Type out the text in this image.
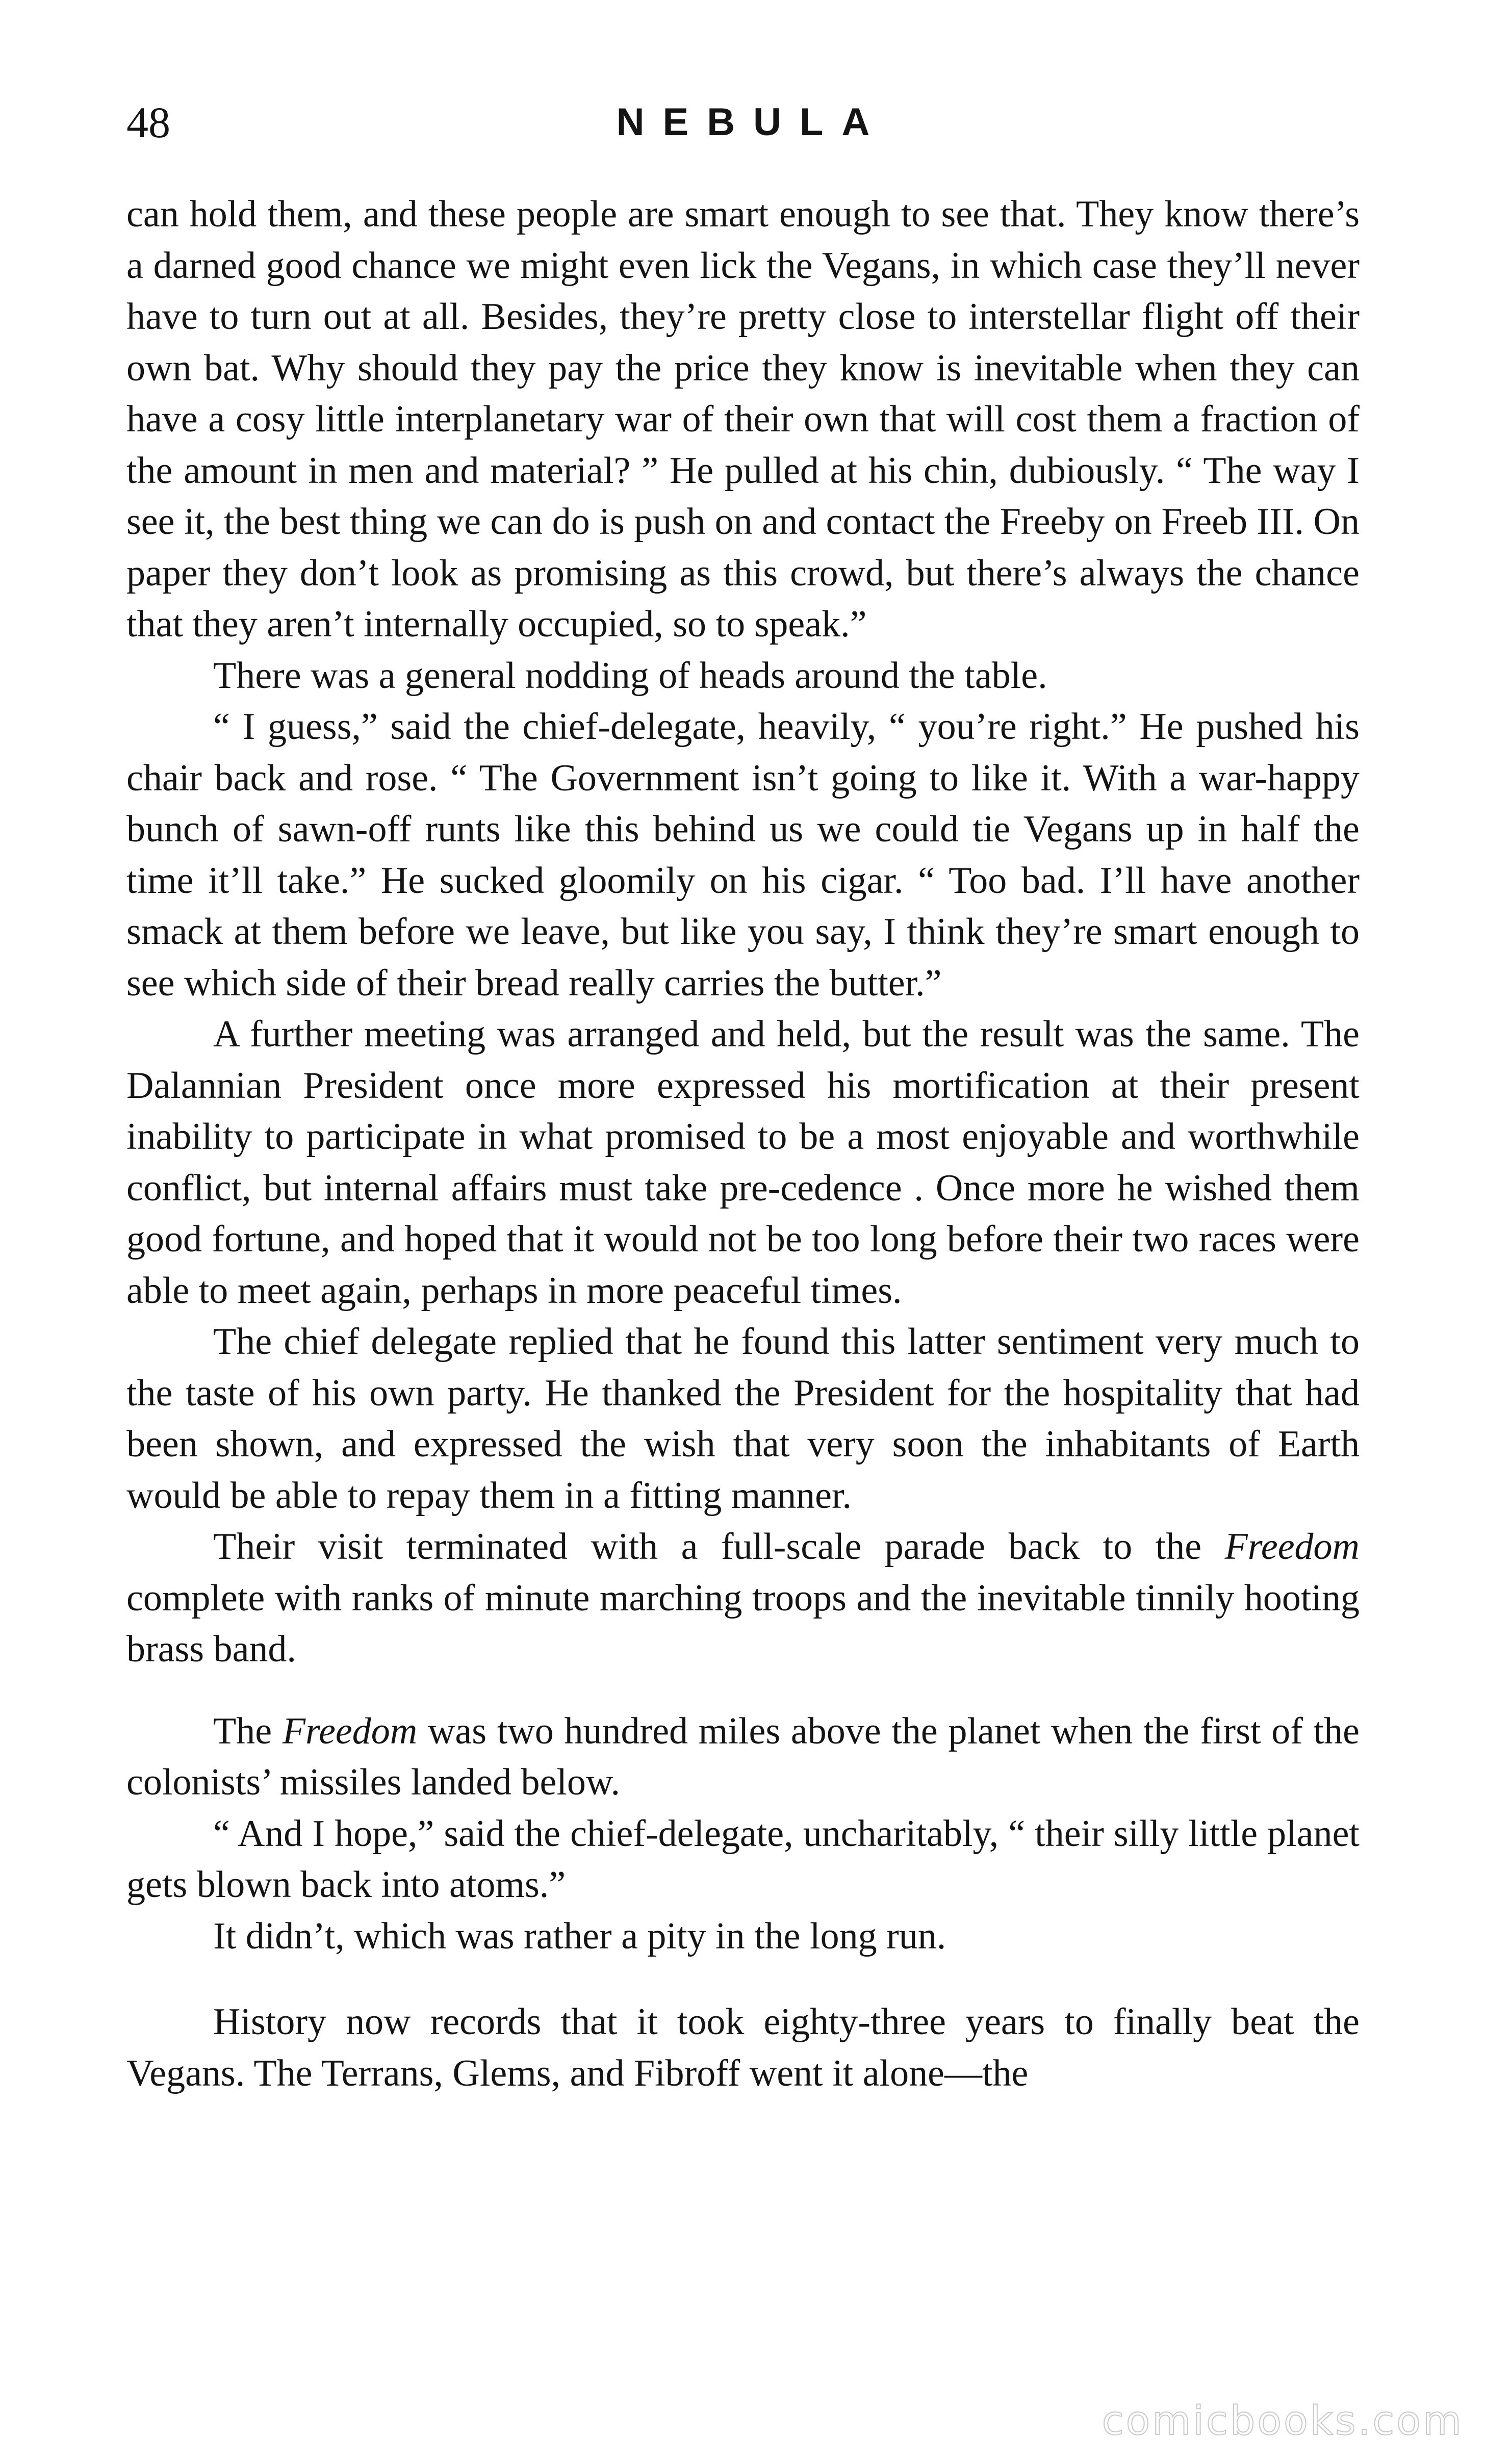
48	NEBULA

can hold them, and these people are smart enough to see that. They know there’s a darned good chance we might even lick the Vegans, in which case they’ll never have to turn out at all. Besides, they’re pretty close to interstellar flight off their own bat. Why should they pay the price they know is inevitable when they can have a cosy little interplanetary war of their own that will cost them a fraction of the amount in men and material? ” He pulled at his chin, dubiously. “ The way I see it, the best thing we can do is push on and contact the Freeby on Freeb III. On paper they don’t look as promising as this crowd, but there’s always the chance that they aren’t internally occupied, so to speak.”

There was a general nodding of heads around the table.

“ I guess,” said the chief-delegate, heavily, “ you’re right.” He pushed his chair back and rose. “ The Government isn’t going to like it. With a war-happy bunch of sawn-off runts like this behind us we could tie Vegans up in half the time it’ll take.” He sucked gloomily on his cigar. “ Too bad. I’ll have another smack at them before we leave, but like you say, I think they’re smart enough to see which side of their bread really carries the butter.”

A further meeting was arranged and held, but the result was the same. The Dalannian President once more expressed his mortification at their present inability to participate in what promised to be a most enjoyable and worthwhile conflict, but internal affairs must take pre-cedence . Once more he wished them good fortune, and hoped that it would not be too long before their two races were able to meet again, perhaps in more peaceful times.

The chief delegate replied that he found this latter sentiment very much to the taste of his own party. He thanked the President for the hospitality that had been shown, and expressed the wish that very soon the inhabitants of Earth would be able to repay them in a fitting manner.

Their visit terminated with a full-scale parade back to the Freedom complete with ranks of minute marching troops and the inevitable tinnily hooting brass band.

The Freedom was two hundred miles above the planet when the first of the colonists’ missiles landed below.

“ And I hope,” said the chief-delegate, uncharitably, “ their silly little planet gets blown back into atoms.”

It didn’t, which was rather a pity in the long run.

History now records that it took eighty-three years to finally beat the Vegans. The Terrans, Glems, and Fibroff went it alone—the

comicbooks.com
